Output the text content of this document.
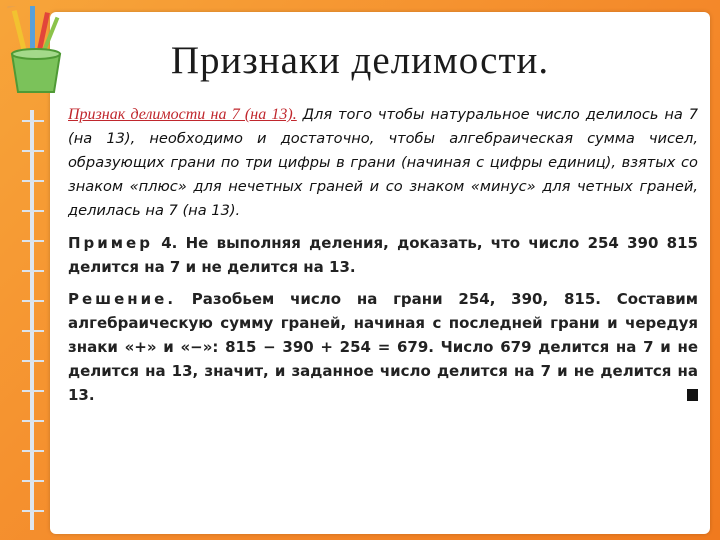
Признаки делимости.

Признак делимости на 7 (на 13). Для того чтобы натуральное число делилось на 7 (на 13), необходимо и достаточно, чтобы алгебраическая сумма чисел, образующих грани по три цифры в грани (начиная с цифры единиц), взятых со знаком «плюс» для нечетных граней и со знаком «минус» для четных граней, делилась на 7 (на 13).

Пример 4. Не выполняя деления, доказать, что число 254 390 815 делится на 7 и не делится на 13.

Решение. Разобьем число на грани 254, 390, 815. Составим алгебраическую сумму граней, начиная с последней грани и чередуя знаки «+» и «−»: 815 − 390 + 254 = 679. Число 679 делится на 7 и не делится на 13, значит, и заданное число делится на 7 и не делится на 13.
